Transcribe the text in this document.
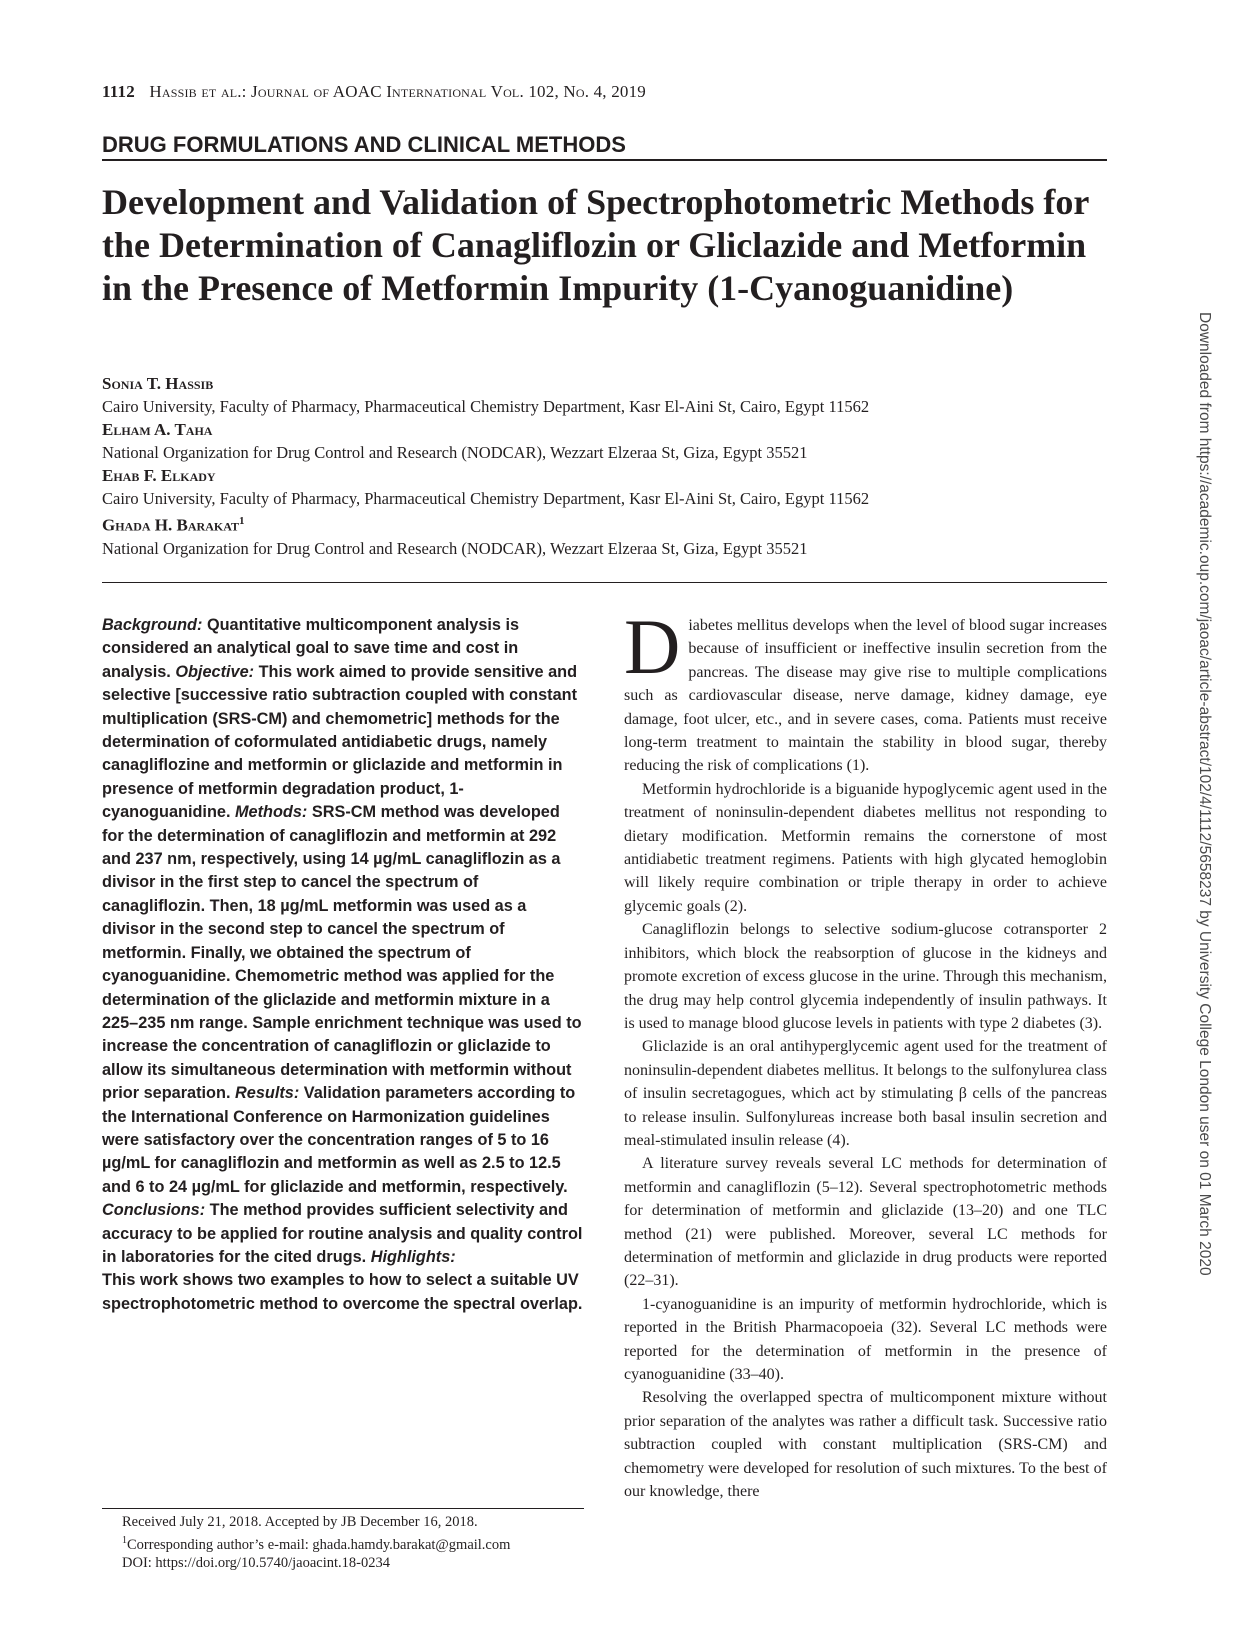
1112 Hassib et al.: Journal of AOAC International Vol. 102, No. 4, 2019
DRUG FORMULATIONS AND CLINICAL METHODS
Development and Validation of Spectrophotometric Methods for the Determination of Canagliflozin or Gliclazide and Metformin in the Presence of Metformin Impurity (1-Cyanoguanidine)
Sonia T. Hassib
Cairo University, Faculty of Pharmacy, Pharmaceutical Chemistry Department, Kasr El-Aini St, Cairo, Egypt 11562
Elham A. Taha
National Organization for Drug Control and Research (NODCAR), Wezzart Elzeraa St, Giza, Egypt 35521
Ehab F. Elkady
Cairo University, Faculty of Pharmacy, Pharmaceutical Chemistry Department, Kasr El-Aini St, Cairo, Egypt 11562
Ghada H. Barakat$^1$
National Organization for Drug Control and Research (NODCAR), Wezzart Elzeraa St, Giza, Egypt 35521
Background: Quantitative multicomponent analysis is considered an analytical goal to save time and cost in analysis. Objective: This work aimed to provide sensitive and selective [successive ratio subtraction coupled with constant multiplication (SRS-CM) and chemometric] methods for the determination of coformulated antidiabetic drugs, namely canagliflozine and metformin or gliclazide and metformin in presence of metformin degradation product, 1-cyanoguanidine. Methods: SRS-CM method was developed for the determination of canagliflozin and metformin at 292 and 237 nm, respectively, using 14 µg/mL canagliflozin as a divisor in the first step to cancel the spectrum of canagliflozin. Then, 18 µg/mL metformin was used as a divisor in the second step to cancel the spectrum of metformin. Finally, we obtained the spectrum of cyanoguanidine. Chemometric method was applied for the determination of the gliclazide and metformin mixture in a 225–235 nm range. Sample enrichment technique was used to increase the concentration of canagliflozin or gliclazide to allow its simultaneous determination with metformin without prior separation. Results: Validation parameters according to the International Conference on Harmonization guidelines were satisfactory over the concentration ranges of 5 to 16 µg/mL for canagliflozin and metformin as well as 2.5 to 12.5 and 6 to 24 µg/mL for gliclazide and metformin, respectively. Conclusions: The method provides sufficient selectivity and accuracy to be applied for routine analysis and quality control in laboratories for the cited drugs. Highlights:
This work shows two examples to how to select a suitable UV spectrophotometric method to overcome the spectral overlap.
Received July 21, 2018. Accepted by JB December 16, 2018.
$^1$Corresponding author’s e-mail: ghada.hamdy.barakat@gmail.com
DOI: https://doi.org/10.5740/jaoacint.18-0234

Diabetes mellitus develops when the level of blood sugar increases because of insufficient or ineffective insulin secretion from the pancreas. The disease may give rise to multiple complications such as cardiovascular disease, nerve damage, kidney damage, eye damage, foot ulcer, etc., and in severe cases, coma. Patients must receive long-term treatment to maintain the stability in blood sugar, thereby reducing the risk of complications (1).

Metformin hydrochloride is a biguanide hypoglycemic agent used in the treatment of noninsulin-dependent diabetes mellitus not responding to dietary modification. Metformin remains the cornerstone of most antidiabetic treatment regimens. Patients with high glycated hemoglobin will likely require combination or triple therapy in order to achieve glycemic goals (2).

Canagliflozin belongs to selective sodium-glucose cotransporter 2 inhibitors, which block the reabsorption of glucose in the kidneys and promote excretion of excess glucose in the urine. Through this mechanism, the drug may help control glycemia independently of insulin pathways. It is used to manage blood glucose levels in patients with type 2 diabetes (3).

Gliclazide is an oral antihyperglycemic agent used for the treatment of noninsulin-dependent diabetes mellitus. It belongs to the sulfonylurea class of insulin secretagogues, which act by stimulating β cells of the pancreas to release insulin. Sulfonylureas increase both basal insulin secretion and meal-stimulated insulin release (4).

A literature survey reveals several LC methods for determination of metformin and canagliflozin (5–12). Several spectrophotometric methods for determination of metformin and gliclazide (13–20) and one TLC method (21) were published. Moreover, several LC methods for determination of metformin and gliclazide in drug products were reported (22–31).

1-cyanoguanidine is an impurity of metformin hydrochloride, which is reported in the British Pharmacopoeia (32). Several LC methods were reported for the determination of metformin in the presence of cyanoguanidine (33–40).

Resolving the overlapped spectra of multicomponent mixture without prior separation of the analytes was rather a difficult task. Successive ratio subtraction coupled with constant multiplication (SRS-CM) and chemometry were developed for resolution of such mixtures. To the best of our knowledge, there

Downloaded from https://academic.oup.com/jaoac/article-abstract/102/4/1112/5658237 by University College London user on 01 March 2020
